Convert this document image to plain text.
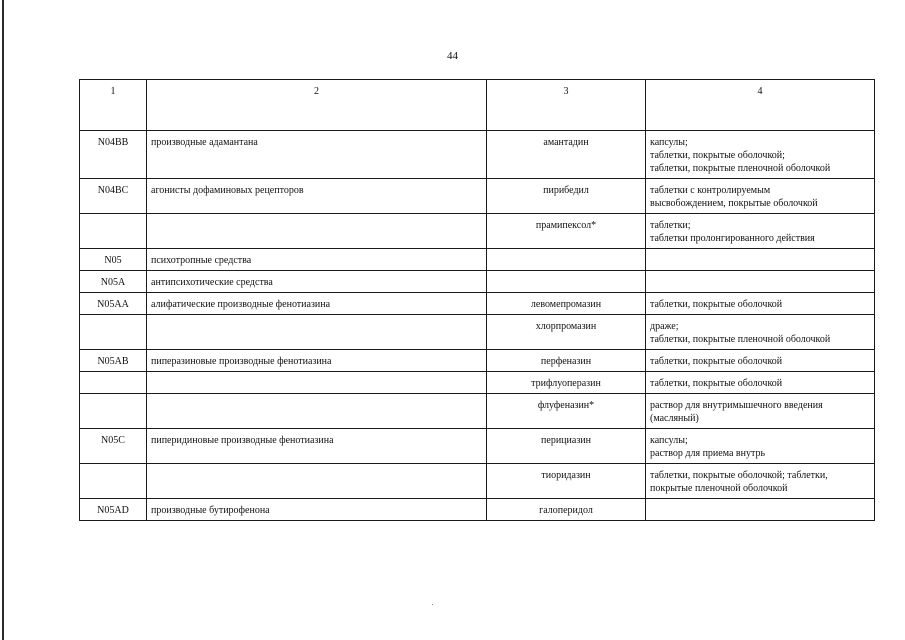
44
1	2	3	4
N04BB	производные адамантана	амантадин	капсулы;
таблетки, покрытые оболочкой;
таблетки, покрытые пленочной оболочкой

N04BC	агонисты дофаминовых рецепторов	пирибедил	таблетки с контролируемым
высвобождением, покрытые оболочкой

		прамипексол*	таблетки;
таблетки пролонгированного действия

N05	психотропные средства		
N05A	антипсихотические средства		
N05AA	алифатические производные фенотиазина	левомепромазин	таблетки, покрытые оболочкой

		хлорпромазин	драже;
таблетки, покрытые пленочной оболочкой

N05AB	пиперазиновые производные фенотиазина	перфеназин	таблетки, покрытые оболочкой

		трифлуоперазин	таблетки, покрытые оболочкой

		флуфеназин*	раствор для внутримышечного введения
(масляный)

N05C	пиперидиновые производные фенотиазина	перициазин	капсулы;
раствор для приема внутрь

		тиоридазин	таблетки, покрытые оболочкой; таблетки,
покрытые пленочной оболочкой

N05AD	производные бутирофенона	галоперидол	
